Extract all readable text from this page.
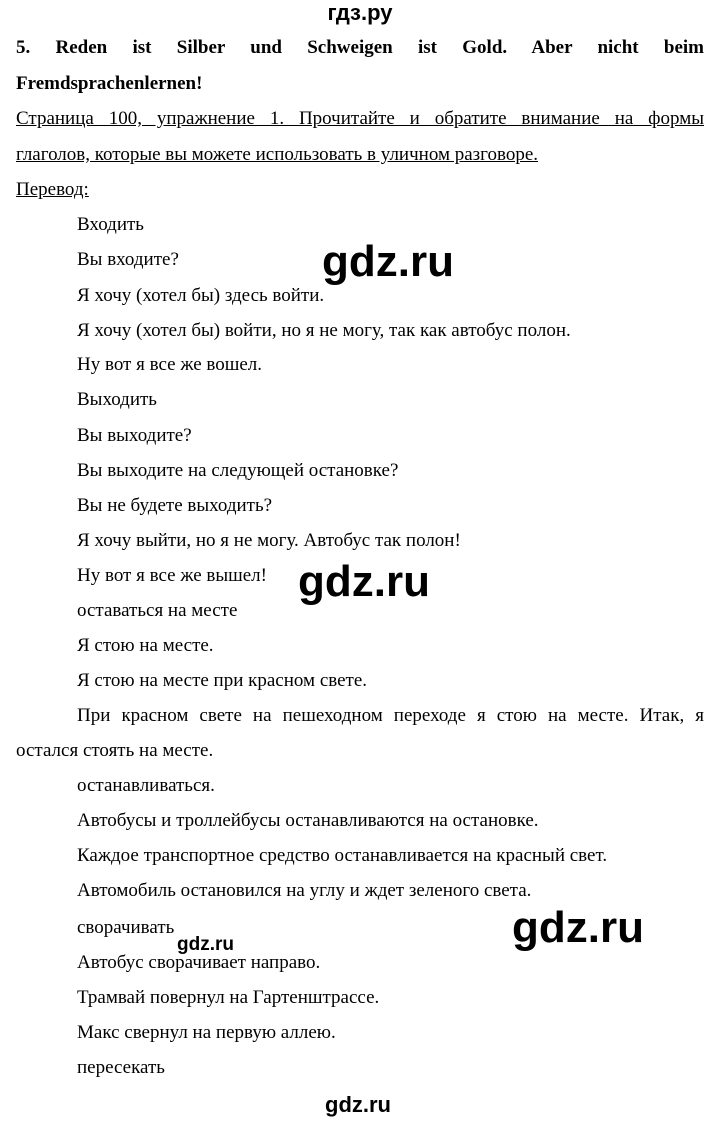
гдз.ру
5. Reden ist Silber und Schweigen ist Gold. Aber nicht beim
Fremdsprachenlernen!
Страница 100, упражнение 1. Прочитайте и обратите внимание на формы
глаголов, которые вы можете использовать в уличном разговоре.
Перевод:
Входить
Вы входите?
Я хочу (хотел бы) здесь войти.
Я хочу (хотел бы) войти, но я не могу, так как автобус полон.
Ну вот я все же вошел.
Выходить
Вы выходите?
Вы выходите на следующей остановке?
Вы не будете выходить?
Я хочу выйти, но я не могу. Автобус так полон!
Ну вот я все же вышел!
оставаться на месте
Я стою на месте.
Я стою на месте при красном свете.
При красном свете на пешеходном переходе я стою на месте. Итак, я
остался стоять на месте.
останавливаться.
Автобусы и троллейбусы останавливаются на остановке.
Каждое транспортное средство останавливается на красный свет.
Автомобиль остановился на углу и ждет зеленого света.
сворачивать
Автобус сворачивает направо.
Трамвай повернул на Гартенштрассе.
Макс свернул на первую аллею.
пересекать
gdz.ru
gdz.ru
gdz.ru
gdz.ru
gdz.ru
